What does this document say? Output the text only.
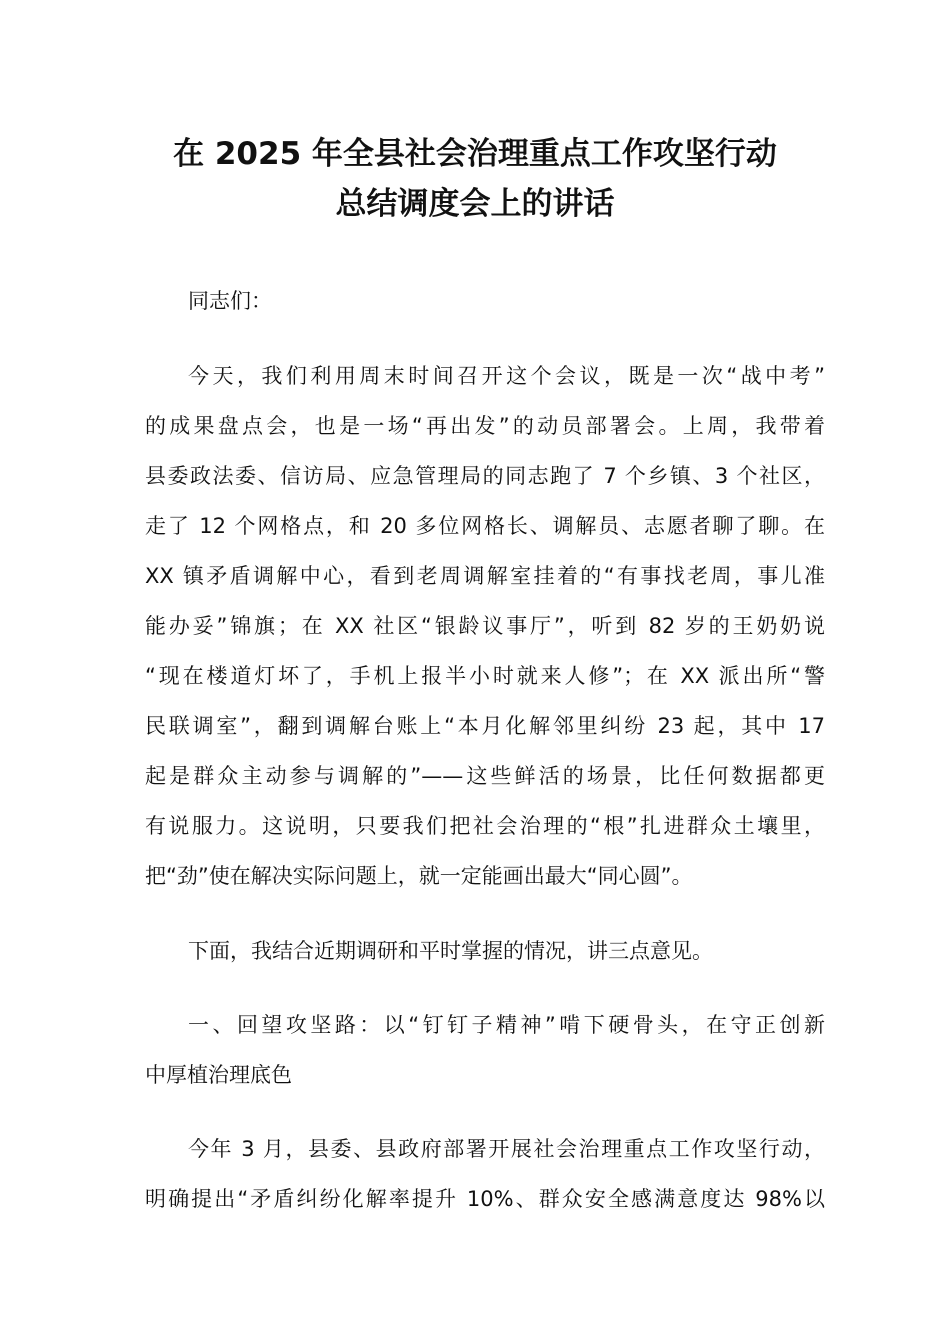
在 2025 年全县社会治理重点工作攻坚行动
总结调度会上的讲话

同志们：

今天，我们利用周末时间召开这个会议，既是一次“战中考”

的成果盘点会，也是一场“再出发”的动员部署会。上周，我带着

县委政法委、信访局、应急管理局的同志跑了 7 个乡镇、3 个社区，

走了 12 个网格点，和 20 多位网格长、调解员、志愿者聊了聊。在

XX 镇矛盾调解中心，看到老周调解室挂着的“有事找老周，事儿准

能办妥”锦旗；在 XX 社区“银龄议事厅”，听到 82 岁的王奶奶说

“现在楼道灯坏了，手机上报半小时就来人修”；在 XX 派出所“警

民联调室”，翻到调解台账上“本月化解邻里纠纷 23 起，其中 17

起是群众主动参与调解的”——这些鲜活的场景，比任何数据都更

有说服力。这说明，只要我们把社会治理的“根”扎进群众土壤里，

把“劲”使在解决实际问题上，就一定能画出最大“同心圆”。

下面，我结合近期调研和平时掌握的情况，讲三点意见。

一、回望攻坚路：以“钉钉子精神”啃下硬骨头，在守正创新

中厚植治理底色

今年 3 月，县委、县政府部署开展社会治理重点工作攻坚行动，

明确提出“矛盾纠纷化解率提升 10%、群众安全感满意度达 98%以
